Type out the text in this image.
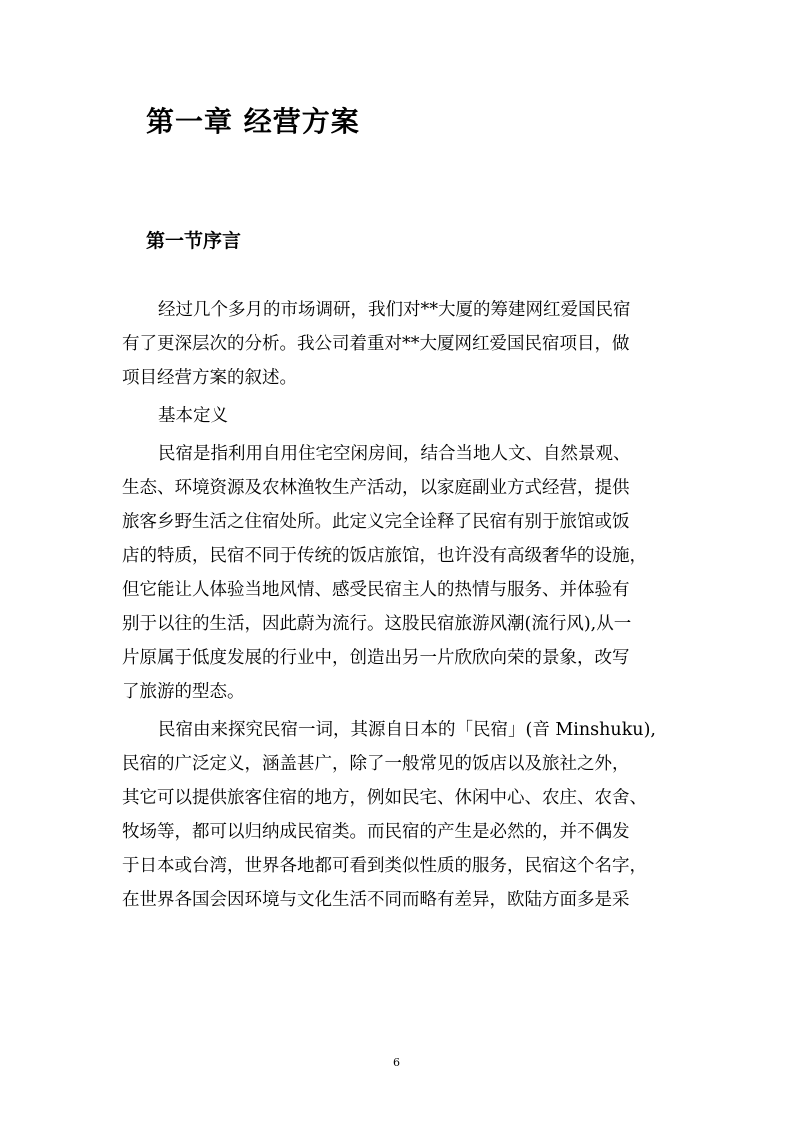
第一章 经营方案
第一节序言

经过几个多月的市场调研，我们对**大厦的筹建网红爱国民宿
有了更深层次的分析。我公司着重对**大厦网红爱国民宿项目，做
项目经营方案的叙述。

基本定义

民宿是指利用自用住宅空闲房间，结合当地人文、自然景观、
生态、环境资源及农林渔牧生产活动，以家庭副业方式经营，提供
旅客乡野生活之住宿处所。此定义完全诠释了民宿有别于旅馆或饭
店的特质，民宿不同于传统的饭店旅馆，也许没有高级奢华的设施，
但它能让人体验当地风情、感受民宿主人的热情与服务、并体验有
别于以往的生活，因此蔚为流行。这股民宿旅游风潮(流行风),从一
片原属于低度发展的行业中，创造出另一片欣欣向荣的景象，改写
了旅游的型态。

民宿由来探究民宿一词，其源自日本的「民宿」(音 Minshuku),
民宿的广泛定义，涵盖甚广，除了一般常见的饭店以及旅社之外，
其它可以提供旅客住宿的地方，例如民宅、休闲中心、农庄、农舍、
牧场等，都可以归纳成民宿类。而民宿的产生是必然的，并不偶发
于日本或台湾，世界各地都可看到类似性质的服务，民宿这个名字，
在世界各国会因环境与文化生活不同而略有差异，欧陆方面多是采

6
